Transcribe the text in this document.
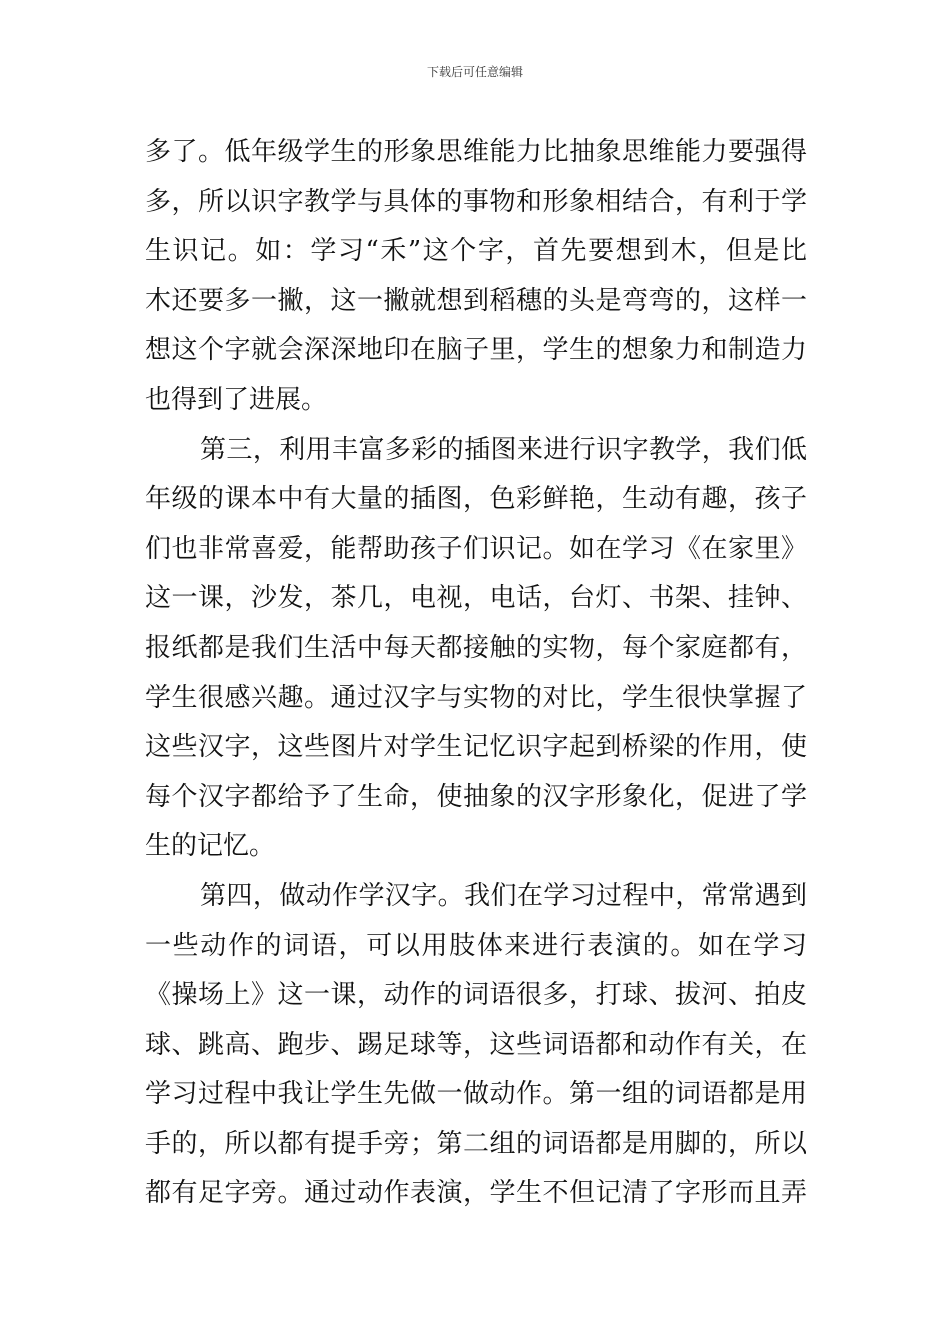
下载后可任意编辑
多了。低年级学生的形象思维能力比抽象思维能力要强得
多，所以识字教学与具体的事物和形象相结合，有利于学
生识记。如：学习“禾”这个字，首先要想到木，但是比
木还要多一撇，这一撇就想到稻穗的头是弯弯的，这样一
想这个字就会深深地印在脑子里，学生的想象力和制造力
也得到了进展。
第三，利用丰富多彩的插图来进行识字教学，我们低
年级的课本中有大量的插图，色彩鲜艳，生动有趣，孩子
们也非常喜爱，能帮助孩子们识记。如在学习《在家里》
这一课，沙发，茶几，电视，电话，台灯、书架、挂钟、
报纸都是我们生活中每天都接触的实物，每个家庭都有，
学生很感兴趣。通过汉字与实物的对比，学生很快掌握了
这些汉字，这些图片对学生记忆识字起到桥梁的作用，使
每个汉字都给予了生命，使抽象的汉字形象化，促进了学
生的记忆。
第四，做动作学汉字。我们在学习过程中，常常遇到
一些动作的词语，可以用肢体来进行表演的。如在学习
《操场上》这一课，动作的词语很多，打球、拔河、拍皮
球、跳高、跑步、踢足球等，这些词语都和动作有关，在
学习过程中我让学生先做一做动作。第一组的词语都是用
手的，所以都有提手旁；第二组的词语都是用脚的，所以
都有足字旁。通过动作表演，学生不但记清了字形而且弄
